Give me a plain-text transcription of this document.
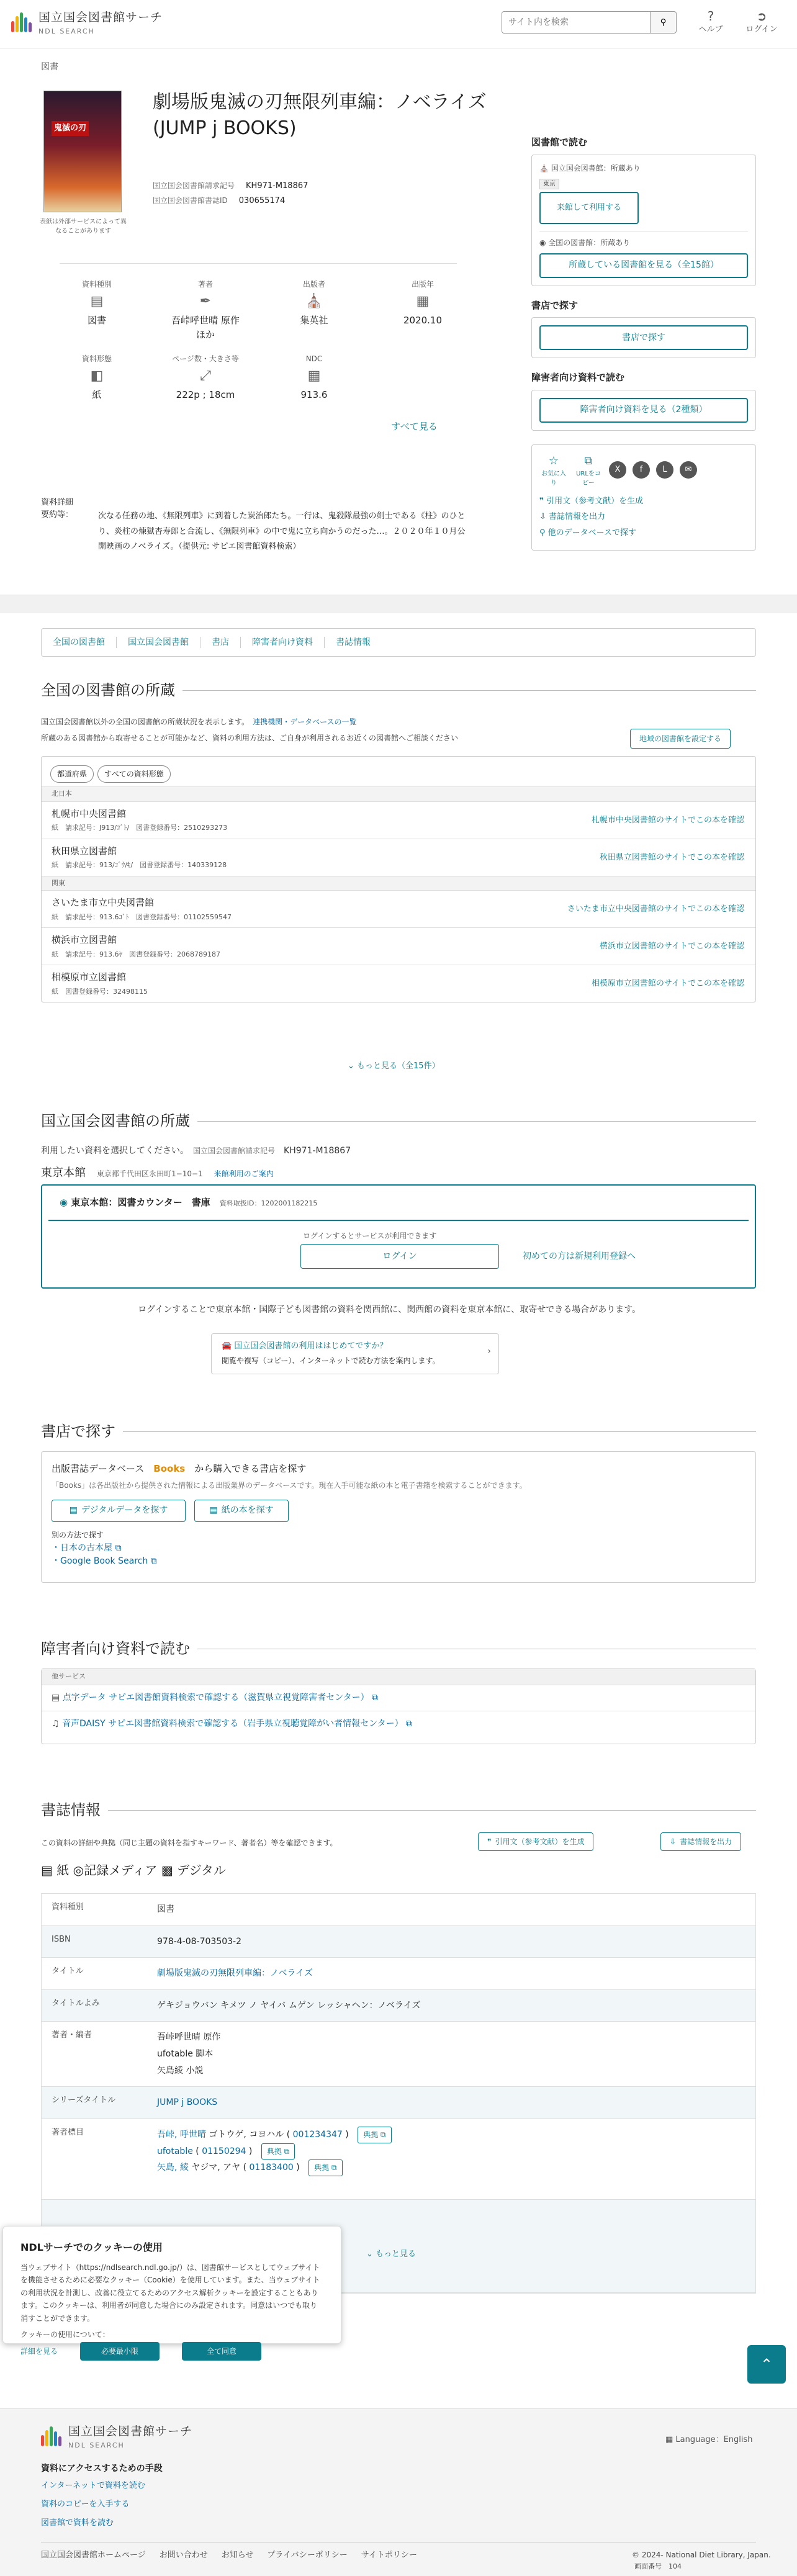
国立国会図書館サーチ
NDL SEARCH
サイト内を検索
⚲	?
ヘルプ
➲
ログイン
図書
鬼滅の刃
表紙は外部サービスによって異なることがあります
劇場版鬼滅の刃無限列車編：ノベライズ (JUMP j BOOKS)
国立国会図書館請求記号 KH971-M18867
国立国会図書館書誌ID 030655174
資料種別
▤
図書
著者
✒
吾峠呼世晴 原作ほか
出版者
⛪
集英社
出版年
▦
2020.10
資料形態
◧
紙
ページ数・大きさ等
⤢
222p ; 18cm
NDC
▦
913.6
すべて見る
資料詳細
要約等：	次なる任務の地、《無限列車》に到着した炭治郎たち。一行は、鬼殺隊最強の剣士である《柱》のひとり、炎柱の煉獄杏寿郎と合流し、《無限列車》の中で鬼に立ち向かうのだった…。２０２０年１０月公開映画のノベライズ。（提供元: サピエ図書館資料検索）
図書館で読む
⛪ 国立国会図書館：所蔵あり
東京
来館して利用する
◉ 全国の図書館：所蔵あり
所蔵している図書館を見る（全15館）
書店で探す
書店で探す
障害者向け資料で読む
障害者向け資料を見る（2種類）
☆
お気に入り
⧉
URLをコピー
X	f	L	✉
❞ 引用文（参考文献）を生成
⇩ 書誌情報を出力
⚲ 他のデータベースで探す
全国の図書館	国立国会図書館	書店	障害者向け資料	書誌情報
全国の図書館の所蔵
国立国会図書館以外の全国の図書館の所蔵状況を表示します。　 連携機関・データベースの一覧
所蔵のある図書館から取寄せることが可能かなど、資料の利用方法は、ご自身が利用されるお近くの図書館へご相談ください	地域の図書館を設定する
都道府県 すべての資料形態
北日本
札幌市中央図書館
紙　請求記号：J913/ｺﾞﾄ/　図書登録番号：2510293273
札幌市中央図書館のサイトでこの本を確認
秋田県立図書館
紙　請求記号：913/ｺﾞｳ/ｷ/　図書登録番号：140339128
秋田県立図書館のサイトでこの本を確認
関東
さいたま市立中央図書館
紙　請求記号：913.6ｺﾞﾄ　図書登録番号：01102559547
さいたま市立中央図書館のサイトでこの本を確認
横浜市立図書館
紙　請求記号：913.6ﾔ　図書登録番号：2068789187
横浜市立図書館のサイトでこの本を確認
相模原市立図書館
紙　図書登録番号：32498115
相模原市立図書館のサイトでこの本を確認
⌄ もっと見る（全15件）
国立国会図書館の所蔵
利用したい資料を選択してください。　 国立国会図書館請求記号　 KH971-M18867
東京本館　 東京都千代田区永田町1−10−1　 来館利用のご案内
◉ 東京本館：図書カウンター　書庫　 資料取扱ID：1202001182215
ログインするとサービスが利用できます
ログイン	初めての方は新規利用登録へ
ログインすることで東京本館・国際子ども図書館の資料を関西館に、関西館の資料を東京本館に、取寄せできる場合があります。
🚘 国立国会図書館の利用ははじめてですか？
閲覧や複写（コピー）、インターネットで読む方法を案内します。
›
書店で探す
出版書誌データベース　 Books　 から購入できる書店を探す
「Books」は各出版社から提供された情報による出版業界のデータベースです。現在入手可能な紙の本と電子書籍を検索することができます。
▤ デジタルデータを探す
　	▤ 紙の本を探す
別の方法で探す
・日本の古本屋 ⧉
・Google Book Search ⧉
障害者向け資料で読む
他サービス
▤ 点字データ サピエ図書館資料検索で確認する（滋賀県立視覚障害者センター） ⧉
♫ 音声DAISY サピエ図書館資料検索で確認する（岩手県立視聴覚障がい者情報センター） ⧉
書誌情報
この資料の詳細や典拠（同じ主題の資料を指すキーワード、著者名）等を確認できます。	❞ 引用文（参考文献）を生成	⇩ 書誌情報を出力
▤ 紙 ◎記録メディア ▩ デジタル
資料種別	図書
ISBN	978-4-08-703503-2
タイトル	劇場版鬼滅の刃無限列車編：ノベライズ
タイトルよみ	ゲキジョウバン キメツ ノ ヤイバ ムゲン レッシャヘン：ノベライズ
著者・編者	吾峠呼世晴 原作
ufotable 脚本
矢島綾 小説
シリーズタイトル	JUMP j BOOKS
著者標目	吾峠, 呼世晴 ゴトウゲ, コヨハル ( 001234347 ) 典拠 ⧉
ufotable ( 01150294 ) 典拠 ⧉
矢島, 綾 ヤジマ, アヤ ( 01183400 ) 典拠 ⧉
⌄ もっと見る
NDLサーチでのクッキーの使用

当ウェブサイト（https://ndlsearch.ndl.go.jp/）は、図書館サービスとしてウェブサイトを機能させるために必要なクッキー（Cookie）を使用しています。また、当ウェブサイトの利用状況を計測し、改善に役立てるためのアクセス解析クッキーを設定することもあります。このクッキーは、利用者が同意した場合にのみ設定されます。同意はいつでも取り消すことができます。

クッキーの使用について：

詳細を見る	必要最小限	全て同意
⌃
国立国会図書館サーチ
NDL SEARCH
▦ Language：English
資料にアクセスするための手段
インターネットで資料を読む
資料のコピーを入手する
図書館で資料を読む
国立国会図書館ホームページ お問い合わせ お知らせ プライバシーポリシー サイトポリシー	© 2024- National Diet Library, Japan.
画面番号　 104
